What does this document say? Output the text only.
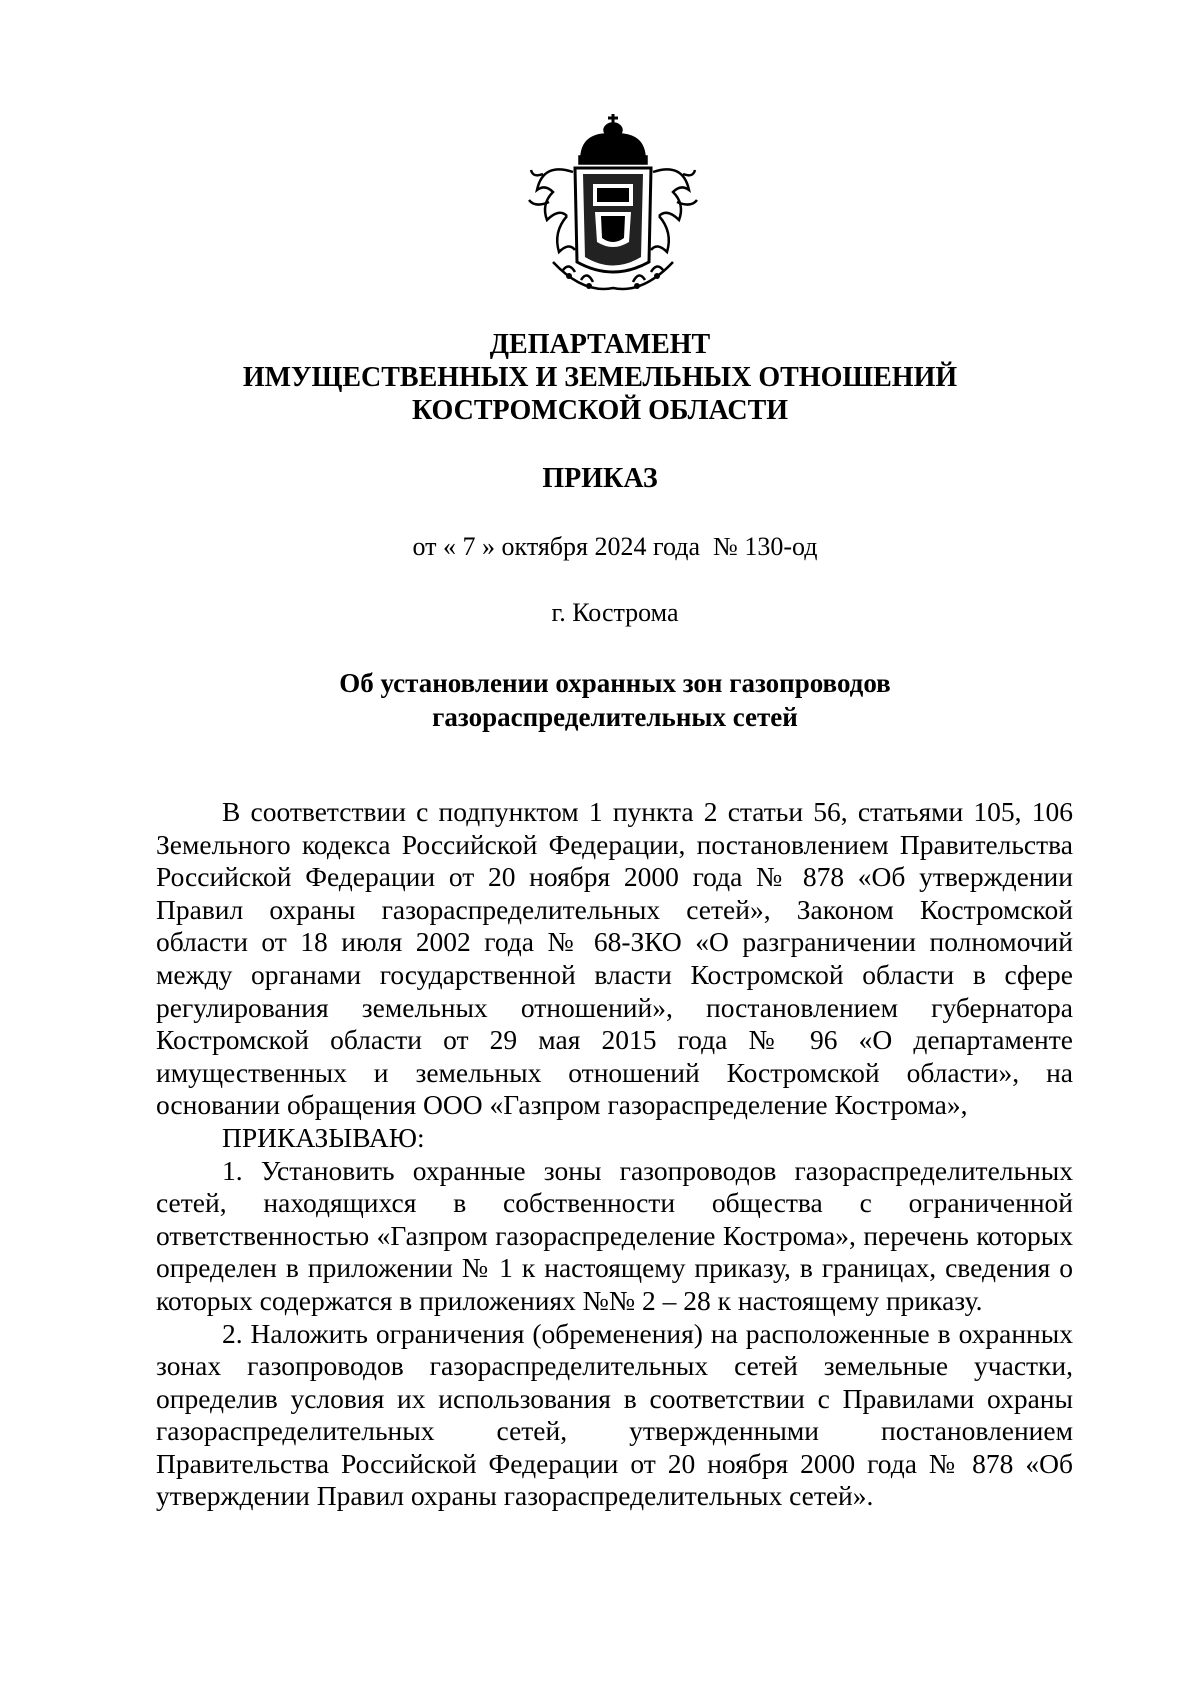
ДЕПАРТАМЕНТ
ИМУЩЕСТВЕННЫХ И ЗЕМЕЛЬНЫХ ОТНОШЕНИЙ
КОСТРОМСКОЙ ОБЛАСТИ
ПРИКАЗ
от « 7 » октября 2024 года  № 130-од
г. Кострома
Об установлении охранных зон газопроводов
газораспределительных сетей

В соответствии с подпунктом 1 пункта 2 статьи 56, статьями 105, 106 Земельного кодекса Российской Федерации, постановлением Правительства Российской Федерации от 20 ноября 2000 года № 878 «Об утверждении Правил охраны газораспределительных сетей», Законом Костромской области от 18 июля 2002 года № 68-ЗКО «О разграничении полномочий между органами государственной власти Костромской области в сфере регулирования земельных отношений», постановлением губернатора Костромской области от 29 мая 2015 года № 96 «О департаменте имущественных и земельных отношений Костромской области», на основании обращения ООО «Газпром газораспределение Кострома»,

ПРИКАЗЫВАЮ:

1. Установить охранные зоны газопроводов газораспределительных сетей, находящихся в собственности общества с ограниченной ответственностью «Газпром газораспределение Кострома», перечень которых определен в приложении № 1 к настоящему приказу, в границах, сведения о которых содержатся в приложениях №№ 2 – 28 к настоящему приказу.

2. Наложить ограничения (обременения) на расположенные в охранных зонах газопроводов газораспределительных сетей земельные участки, определив условия их использования в соответствии с Правилами охраны газораспределительных сетей, утвержденными постановлением Правительства Российской Федерации от 20 ноября 2000 года № 878 «Об утверждении Правил охраны газораспределительных сетей».
